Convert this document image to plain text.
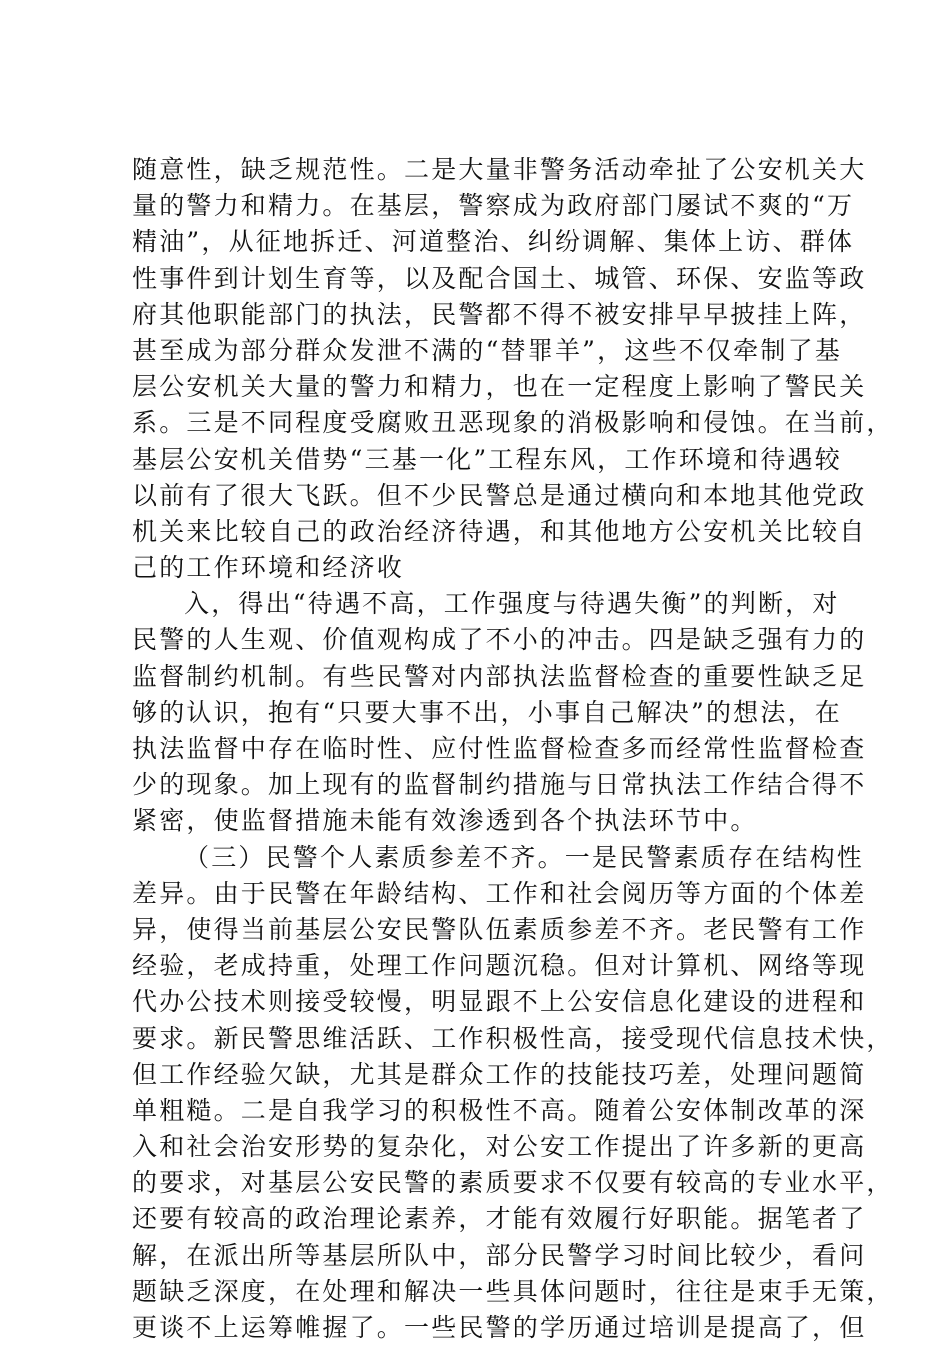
随意性，缺乏规范性。二是大量非警务活动牵扯了公安机关大
量的警力和精力。在基层，警察成为政府部门屡试不爽的“万
精油”，从征地拆迁、河道整治、纠纷调解、集体上访、群体
性事件到计划生育等，以及配合国土、城管、环保、安监等政
府其他职能部门的执法，民警都不得不被安排早早披挂上阵，
甚至成为部分群众发泄不满的“替罪羊”，这些不仅牵制了基
层公安机关大量的警力和精力，也在一定程度上影响了警民关
系。三是不同程度受腐败丑恶现象的消极影响和侵蚀。在当前，
基层公安机关借势“三基一化”工程东风，工作环境和待遇较
以前有了很大飞跃。但不少民警总是通过横向和本地其他党政
机关来比较自己的政治经济待遇，和其他地方公安机关比较自
己的工作环境和经济收
入，得出“待遇不高，工作强度与待遇失衡”的判断，对
民警的人生观、价值观构成了不小的冲击。四是缺乏强有力的
监督制约机制。有些民警对内部执法监督检查的重要性缺乏足
够的认识，抱有“只要大事不出，小事自己解决”的想法，在
执法监督中存在临时性、应付性监督检查多而经常性监督检查
少的现象。加上现有的监督制约措施与日常执法工作结合得不
紧密，使监督措施未能有效渗透到各个执法环节中。
（三）民警个人素质参差不齐。一是民警素质存在结构性
差异。由于民警在年龄结构、工作和社会阅历等方面的个体差
异，使得当前基层公安民警队伍素质参差不齐。老民警有工作
经验，老成持重，处理工作问题沉稳。但对计算机、网络等现
代办公技术则接受较慢，明显跟不上公安信息化建设的进程和
要求。新民警思维活跃、工作积极性高，接受现代信息技术快，
但工作经验欠缺，尤其是群众工作的技能技巧差，处理问题简
单粗糙。二是自我学习的积极性不高。随着公安体制改革的深
入和社会治安形势的复杂化，对公安工作提出了许多新的更高
的要求，对基层公安民警的素质要求不仅要有较高的专业水平，
还要有较高的政治理论素养，才能有效履行好职能。据笔者了
解，在派出所等基层所队中，部分民警学习时间比较少，看问
题缺乏深度，在处理和解决一些具体问题时，往往是束手无策，
更谈不上运筹帷握了。一些民警的学历通过培训是提高了，但
